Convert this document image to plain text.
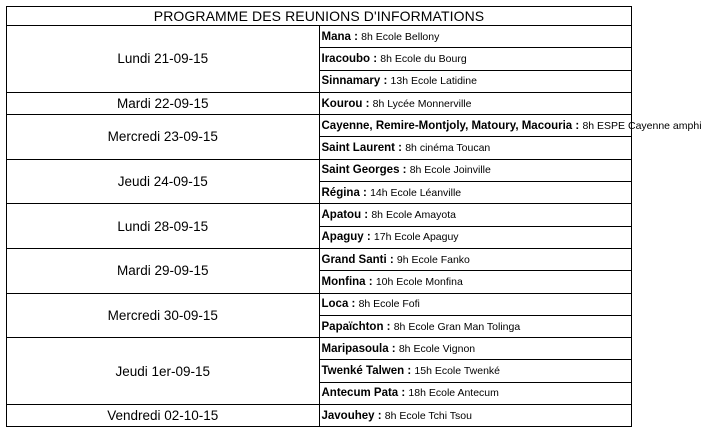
PROGRAMME DES REUNIONS D'INFORMATIONS	
Lundi 21-09-15	Mana : 8h Ecole Bellony
	Iracoubo : 8h Ecole du Bourg
	Sinnamary : 13h Ecole Latidine
Mardi 22-09-15	Kourou : 8h Lycée Monnerville
Mercredi 23-09-15	Cayenne, Remire-Montjoly, Matoury, Macouria : 8h ESPE Cayenne amphi
	Saint Laurent : 8h cinéma Toucan
Jeudi 24-09-15	Saint Georges : 8h Ecole Joinville
	Régina : 14h Ecole Léanville
Lundi 28-09-15	Apatou : 8h Ecole Amayota
	Apaguy : 17h Ecole Apaguy
Mardi 29-09-15	Grand Santi : 9h Ecole Fanko
	Monfina : 10h Ecole Monfina
Mercredi 30-09-15	Loca : 8h Ecole Fofi
	Papaïchton : 8h Ecole Gran Man Tolinga
Jeudi 1er-09-15	Maripasoula : 8h Ecole Vignon
	Twenké Talwen : 15h Ecole Twenké
	Antecum Pata : 18h Ecole Antecum
Vendredi 02-10-15	Javouhey : 8h Ecole Tchi Tsou
